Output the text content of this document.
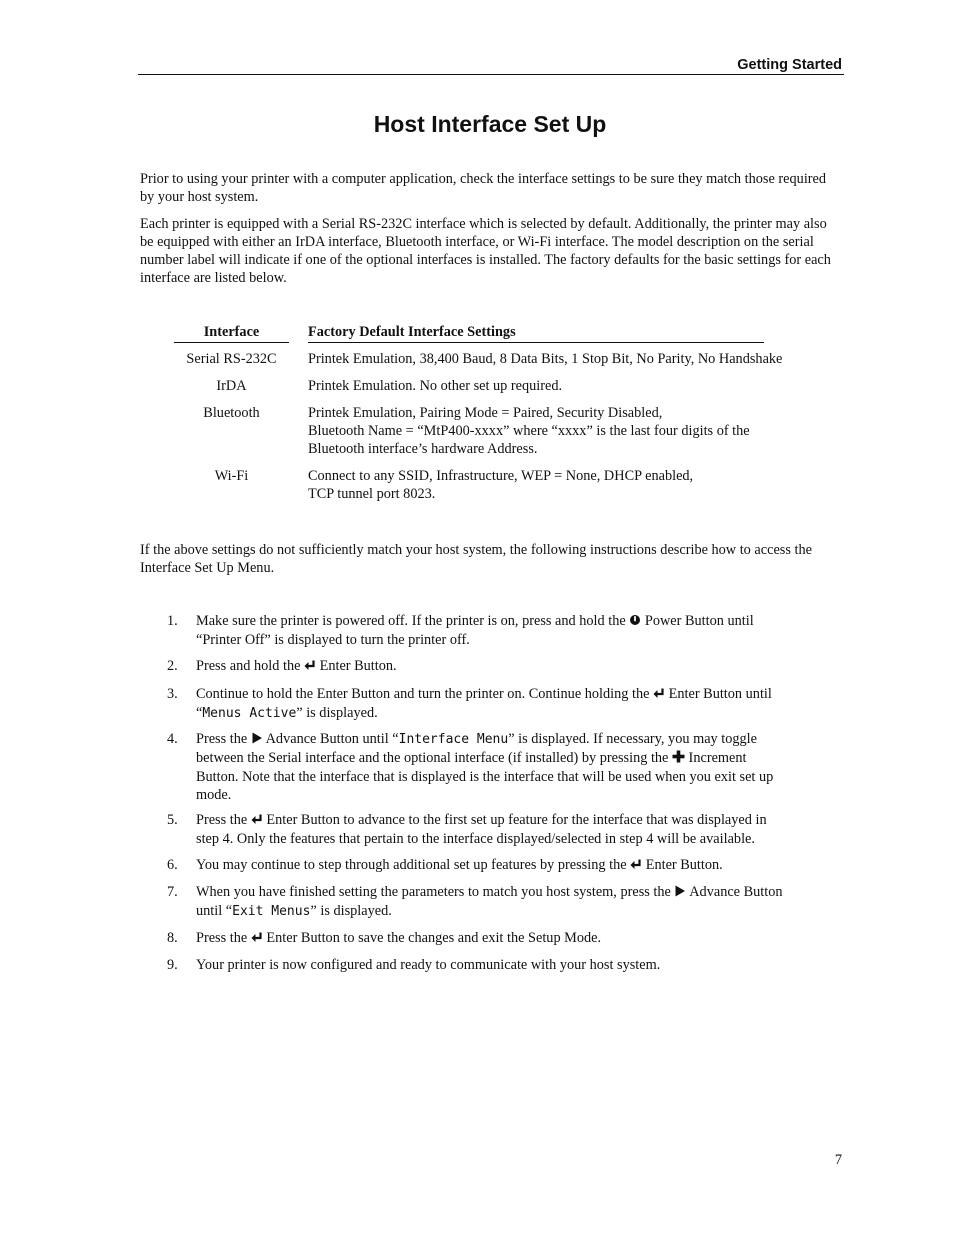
Getting Started
Host Interface Set Up

Prior to using your printer with a computer application, check the interface settings to be sure they match those required by your host system.

Each printer is equipped with a Serial RS-232C interface which is selected by default. Additionally, the printer may also be equipped with either an IrDA interface, Bluetooth interface, or Wi-Fi interface. The model description on the serial number label will indicate if one of the optional interfaces is installed. The factory defaults for the basic settings for each interface are listed below.

Interface	Factory Default Interface Settings
Serial RS-232C	Printek Emulation, 38,400 Baud, 8 Data Bits, 1 Stop Bit, No Parity, No Handshake
IrDA	Printek Emulation. No other set up required.
Bluetooth	Printek Emulation, Pairing Mode = Paired, Security Disabled,
Bluetooth Name = “MtP400-xxxx” where “xxxx” is the last four digits of the
Bluetooth interface’s hardware Address.
Wi-Fi	Connect to any SSID, Infrastructure, WEP = None, DHCP enabled,
TCP tunnel port 8023.

If the above settings do not sufficiently match your host system, the following instructions describe how to access the Interface Set Up Menu.

1.	Make sure the printer is powered off. If the printer is on, press and hold the  Power Button until
“Printer Off” is displayed to turn the printer off.
2.	Press and hold the  Enter Button.
3.	Continue to hold the Enter Button and turn the printer on. Continue holding the  Enter Button until
“Menus Active” is displayed.
4.	Press the  Advance Button until “Interface Menu” is displayed. If necessary, you may toggle
between the Serial interface and the optional interface (if installed) by pressing the  Increment
Button. Note that the interface that is displayed is the interface that will be used when you exit set up
mode.
5.	Press the  Enter Button to advance to the first set up feature for the interface that was displayed in
step 4. Only the features that pertain to the interface displayed/selected in step 4 will be available.
6.	You may continue to step through additional set up features by pressing the  Enter Button.
7.	When you have finished setting the parameters to match you host system, press the  Advance Button
until “Exit Menus” is displayed.
8.	Press the  Enter Button to save the changes and exit the Setup Mode.
9.	Your printer is now configured and ready to communicate with your host system.
7
